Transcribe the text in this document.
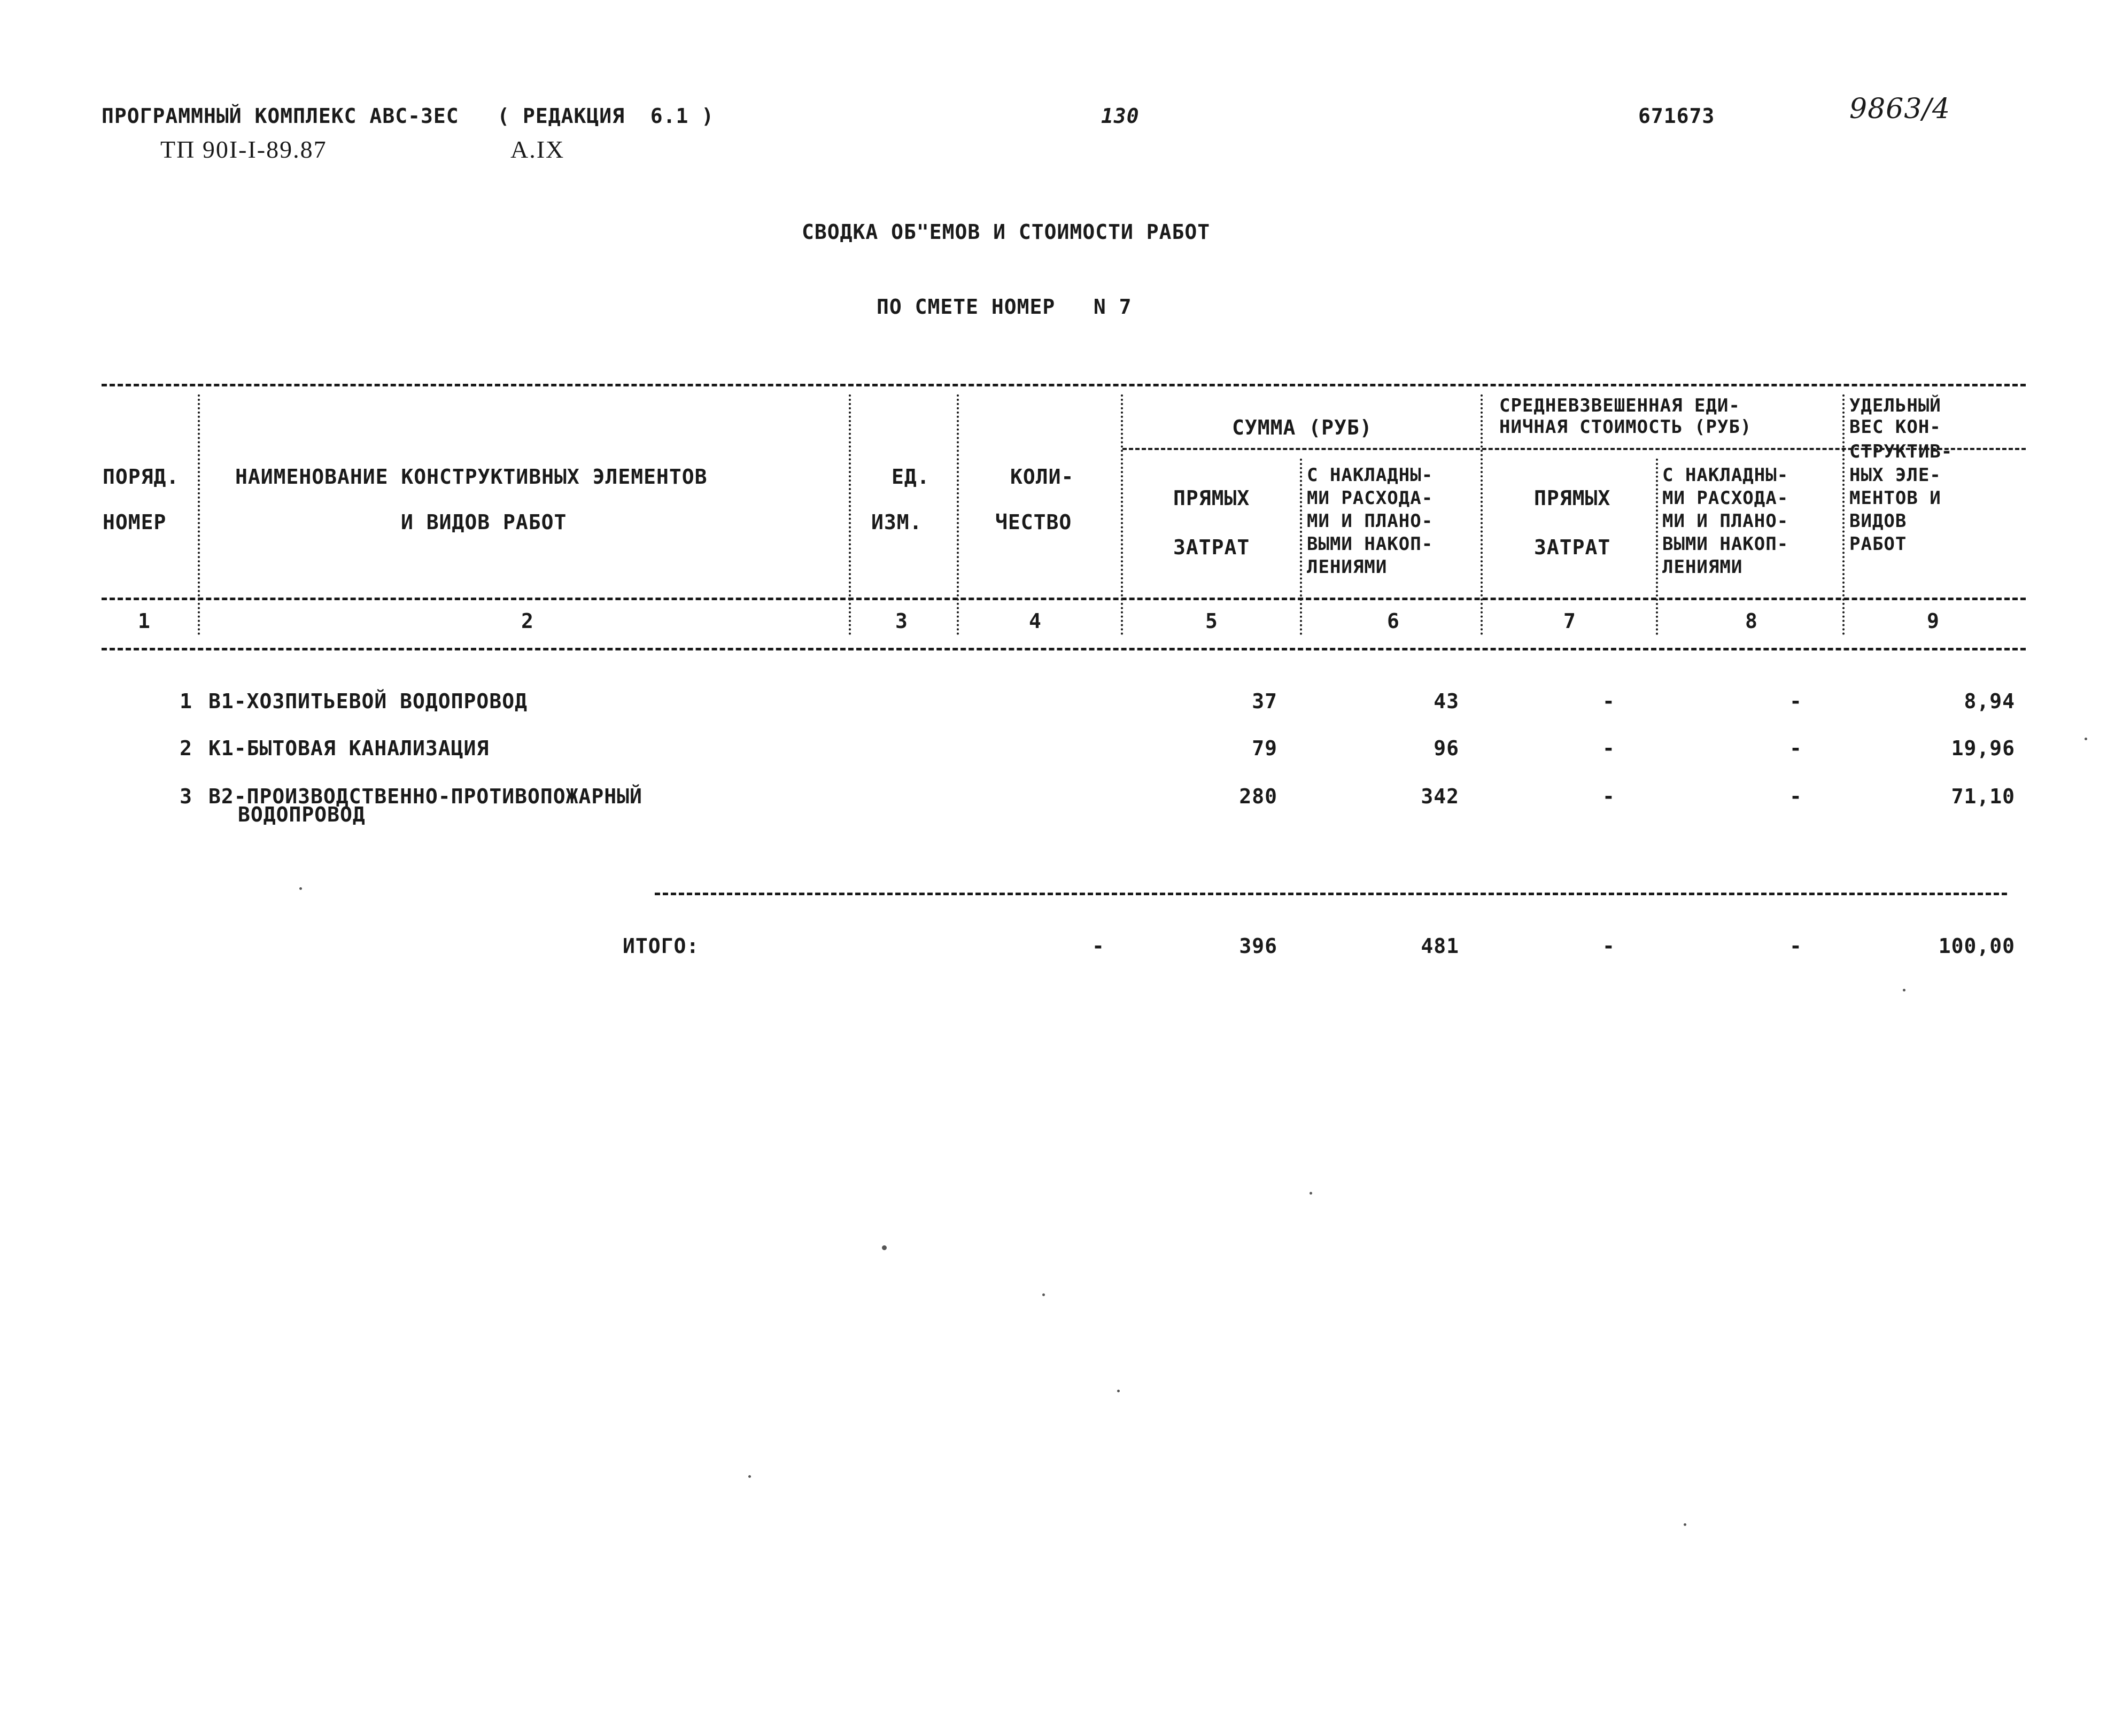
ПРОГРАММНЫЙ КОМПЛЕКС АВС-ЗЕС   ( РЕДАКЦИЯ  6.1 )	130	671673	9863/4
ТП 90I-I-89.87	А.IX
СВОДКА ОБ"ЕМОВ И СТОИМОСТИ РАБОТ
ПО СМЕТЕ НОМЕР   N 7
ПОРЯД.
НОМЕР
НАИМЕНОВАНИЕ КОНСТРУКТИВНЫХ ЭЛЕМЕНТОВ
И ВИДОВ РАБОТ
ЕД.
ИЗМ.
КОЛИ-
ЧЕСТВО
СУММА (РУБ)
ПРЯМЫХ
ЗАТРАТ
С НАКЛАДНЫ-
МИ РАСХОДА-
МИ И ПЛАНО-
ВЫМИ НАКОП-
ЛЕНИЯМИ
СРЕДНЕВЗВЕШЕННАЯ ЕДИ-
НИЧНАЯ СТОИМОСТЬ (РУБ)
ПРЯМЫХ
ЗАТРАТ
С НАКЛАДНЫ-
МИ РАСХОДА-
МИ И ПЛАНО-
ВЫМИ НАКОП-
ЛЕНИЯМИ
УДЕЛЬНЫЙ
ВЕС КОН-
СТРУКТИВ-
НЫХ ЭЛЕ-
МЕНТОВ И
ВИДОВ
РАБОТ
1	2	3	4	5	6	7	8	9
1 В1-ХОЗПИТЬЕВОЙ ВОДОПРОВОД	37	43	-	-	8,94
2 К1-БЫТОВАЯ КАНАЛИЗАЦИЯ	79	96	-	-	19,96
3 В2-ПРОИЗВОДСТВЕННО-ПРОТИВОПОЖАРНЫЙ
ВОДОПРОВОД
280	342	-	-	71,10
ИТОГО:	-	396	481	-	-	100,00
